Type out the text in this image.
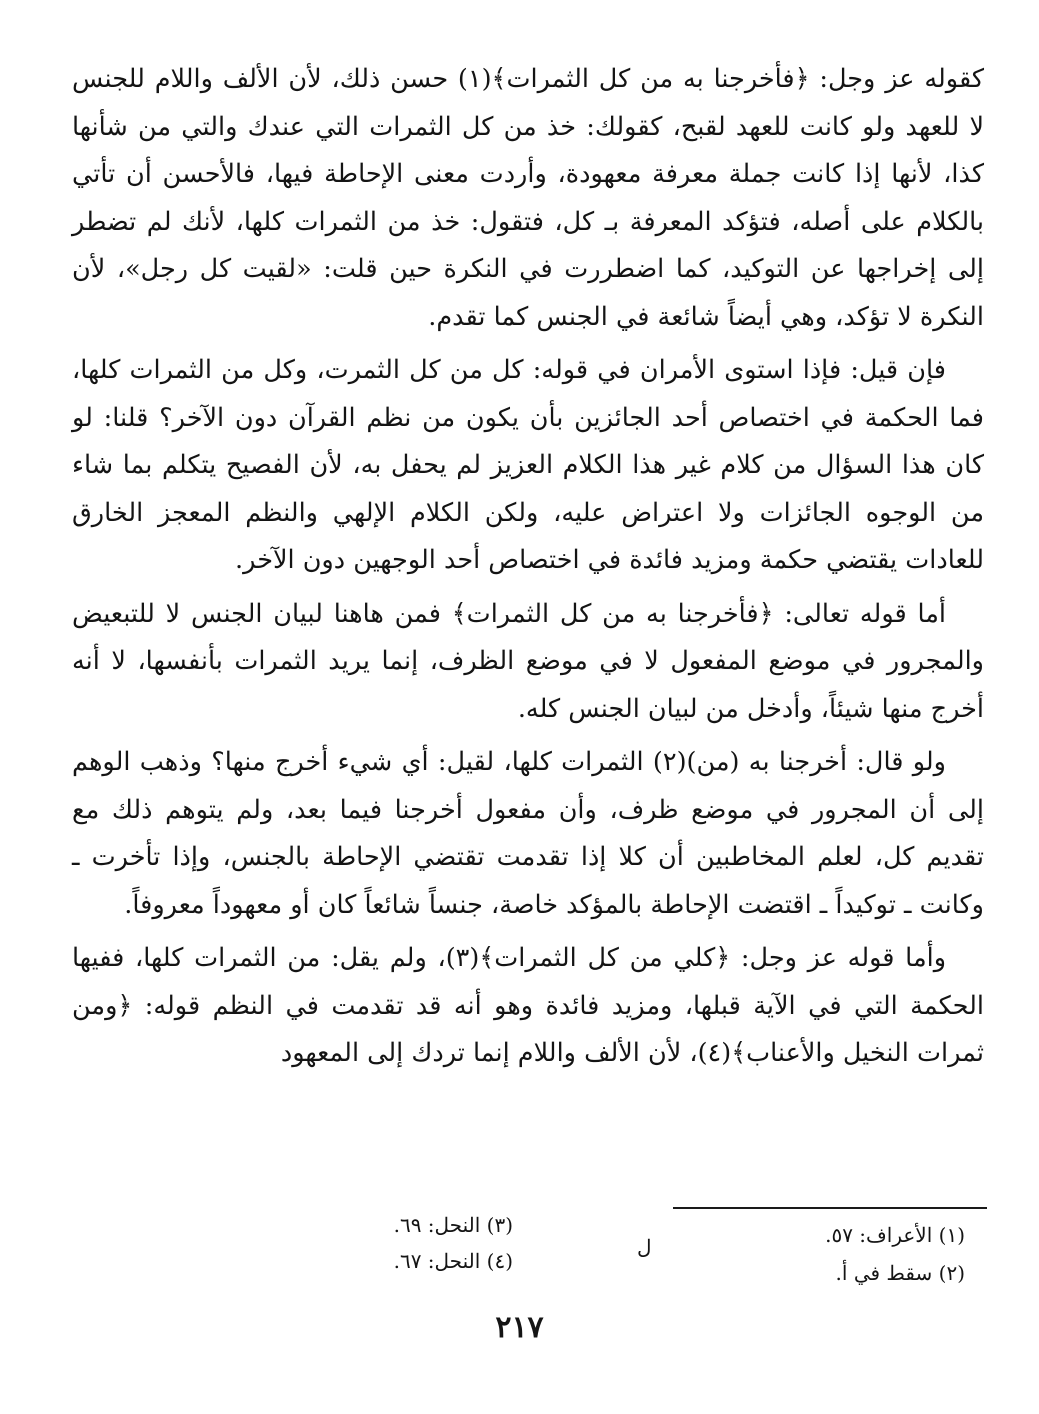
كقوله عز وجل: ﴿فأخرجنا به من كل الثمرات﴾(١) حسن ذلك، لأن الألف واللام للجنس لا للعهد ولو كانت للعهد لقبح، كقولك: خذ من كل الثمرات التي عندك والتي من شأنها كذا، لأنها إذا كانت جملة معرفة معهودة، وأردت معنى الإحاطة فيها، فالأحسن أن تأتي بالكلام على أصله، فتؤكد المعرفة بـ كل، فتقول: خذ من الثمرات كلها، لأنك لم تضطر إلى إخراجها عن التوكيد، كما اضطررت في النكرة حين قلت: «لقيت كل رجل»، لأن النكرة لا تؤكد، وهي أيضاً شائعة في الجنس كما تقدم.

فإن قيل: فإذا استوى الأمران في قوله: كل من كل الثمرت، وكل من الثمرات كلها، فما الحكمة في اختصاص أحد الجائزين بأن يكون من نظم القرآن دون الآخر؟ قلنا: لو كان هذا السؤال من كلام غير هذا الكلام العزيز لم يحفل به، لأن الفصيح يتكلم بما شاء من الوجوه الجائزات ولا اعتراض عليه، ولكن الكلام الإلهي والنظم المعجز الخارق للعادات يقتضي حكمة ومزيد فائدة في اختصاص أحد الوجهين دون الآخر.

أما قوله تعالى: ﴿فأخرجنا به من كل الثمرات﴾ فمن هاهنا لبيان الجنس لا للتبعيض والمجرور في موضع المفعول لا في موضع الظرف، إنما يريد الثمرات بأنفسها، لا أنه أخرج منها شيئاً، وأدخل من لبيان الجنس كله.

ولو قال: أخرجنا به (من)(٢) الثمرات كلها، لقيل: أي شيء أخرج منها؟ وذهب الوهم إلى أن المجرور في موضع ظرف، وأن مفعول أخرجنا فيما بعد، ولم يتوهم ذلك مع تقديم كل، لعلم المخاطبين أن كلا إذا تقدمت تقتضي الإحاطة بالجنس، وإذا تأخرت ـ وكانت ـ توكيداً ـ اقتضت الإحاطة بالمؤكد خاصة، جنساً شائعاً كان أو معهوداً معروفاً.

وأما قوله عز وجل: ﴿كلي من كل الثمرات﴾(٣)، ولم يقل: من الثمرات كلها، ففيها الحكمة التي في الآية قبلها، ومزيد فائدة وهو أنه قد تقدمت في النظم قوله: ﴿ومن ثمرات النخيل والأعناب﴾(٤)، لأن الألف واللام إنما تردك إلى المعهود

(١) الأعراف: ٥٧.
(٢) سقط في أ.
(٣) النحل: ٦٩.
(٤) النحل: ٦٧.
ل
٢١٧
